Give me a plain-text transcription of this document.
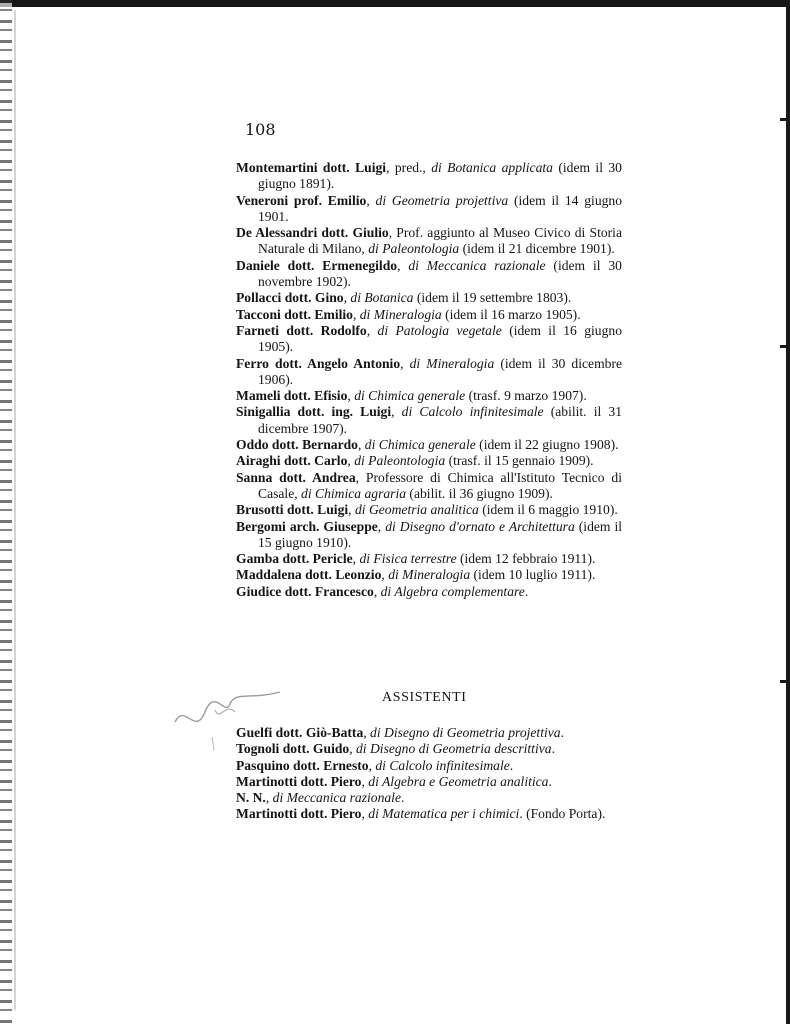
108

Montemartini dott. Luigi, pred., di Botanica applicata (idem il 30 giugno 1891).

Veneroni prof. Emilio, di Geometria projettiva (idem il 14 giugno 1901.

De Alessandri dott. Giulio, Prof. aggiunto al Museo Civico di Storia Naturale di Milano, di Paleontologia (idem il 21 dicembre 1901).

Daniele dott. Ermenegildo, di Meccanica razionale (idem il 30 novembre 1902).

Pollacci dott. Gino, di Botanica (idem il 19 settembre 1803).

Tacconi dott. Emilio, di Mineralogia (idem il 16 marzo 1905).

Farneti dott. Rodolfo, di Patologia vegetale (idem il 16 giugno 1905).

Ferro dott. Angelo Antonio, di Mineralogia (idem il 30 dicembre 1906).

Mameli dott. Efisio, di Chimica generale (trasf. 9 marzo 1907).

Sinigallia dott. ing. Luigi, di Calcolo infinitesimale (abilit. il 31 dicembre 1907).

Oddo dott. Bernardo, di Chimica generale (idem il 22 giugno 1908).

Airaghi dott. Carlo, di Paleontologia (trasf. il 15 gennaio 1909).

Sanna dott. Andrea, Professore di Chimica all'Istituto Tecnico di Casale, di Chimica agraria (abilit. il 36 giugno 1909).

Brusotti dott. Luigi, di Geometria analitica (idem il 6 maggio 1910).

Bergomi arch. Giuseppe, di Disegno d'ornato e Architettura (idem il 15 giugno 1910).

Gamba dott. Pericle, di Fisica terrestre (idem 12 febbraio 1911).

Maddalena dott. Leonzio, di Mineralogia (idem 10 luglio 1911).

Giudice dott. Francesco, di Algebra complementare.

ASSISTENTI

Guelfi dott. Giò-Batta, di Disegno di Geometria projettiva.

Tognoli dott. Guido, di Disegno di Geometria descrittiva.

Pasquino dott. Ernesto, di Calcolo infinitesimale.

Martinotti dott. Piero, di Algebra e Geometria analitica.

N. N., di Meccanica razionale.

Martinotti dott. Piero, di Matematica per i chimici. (Fondo Porta).
